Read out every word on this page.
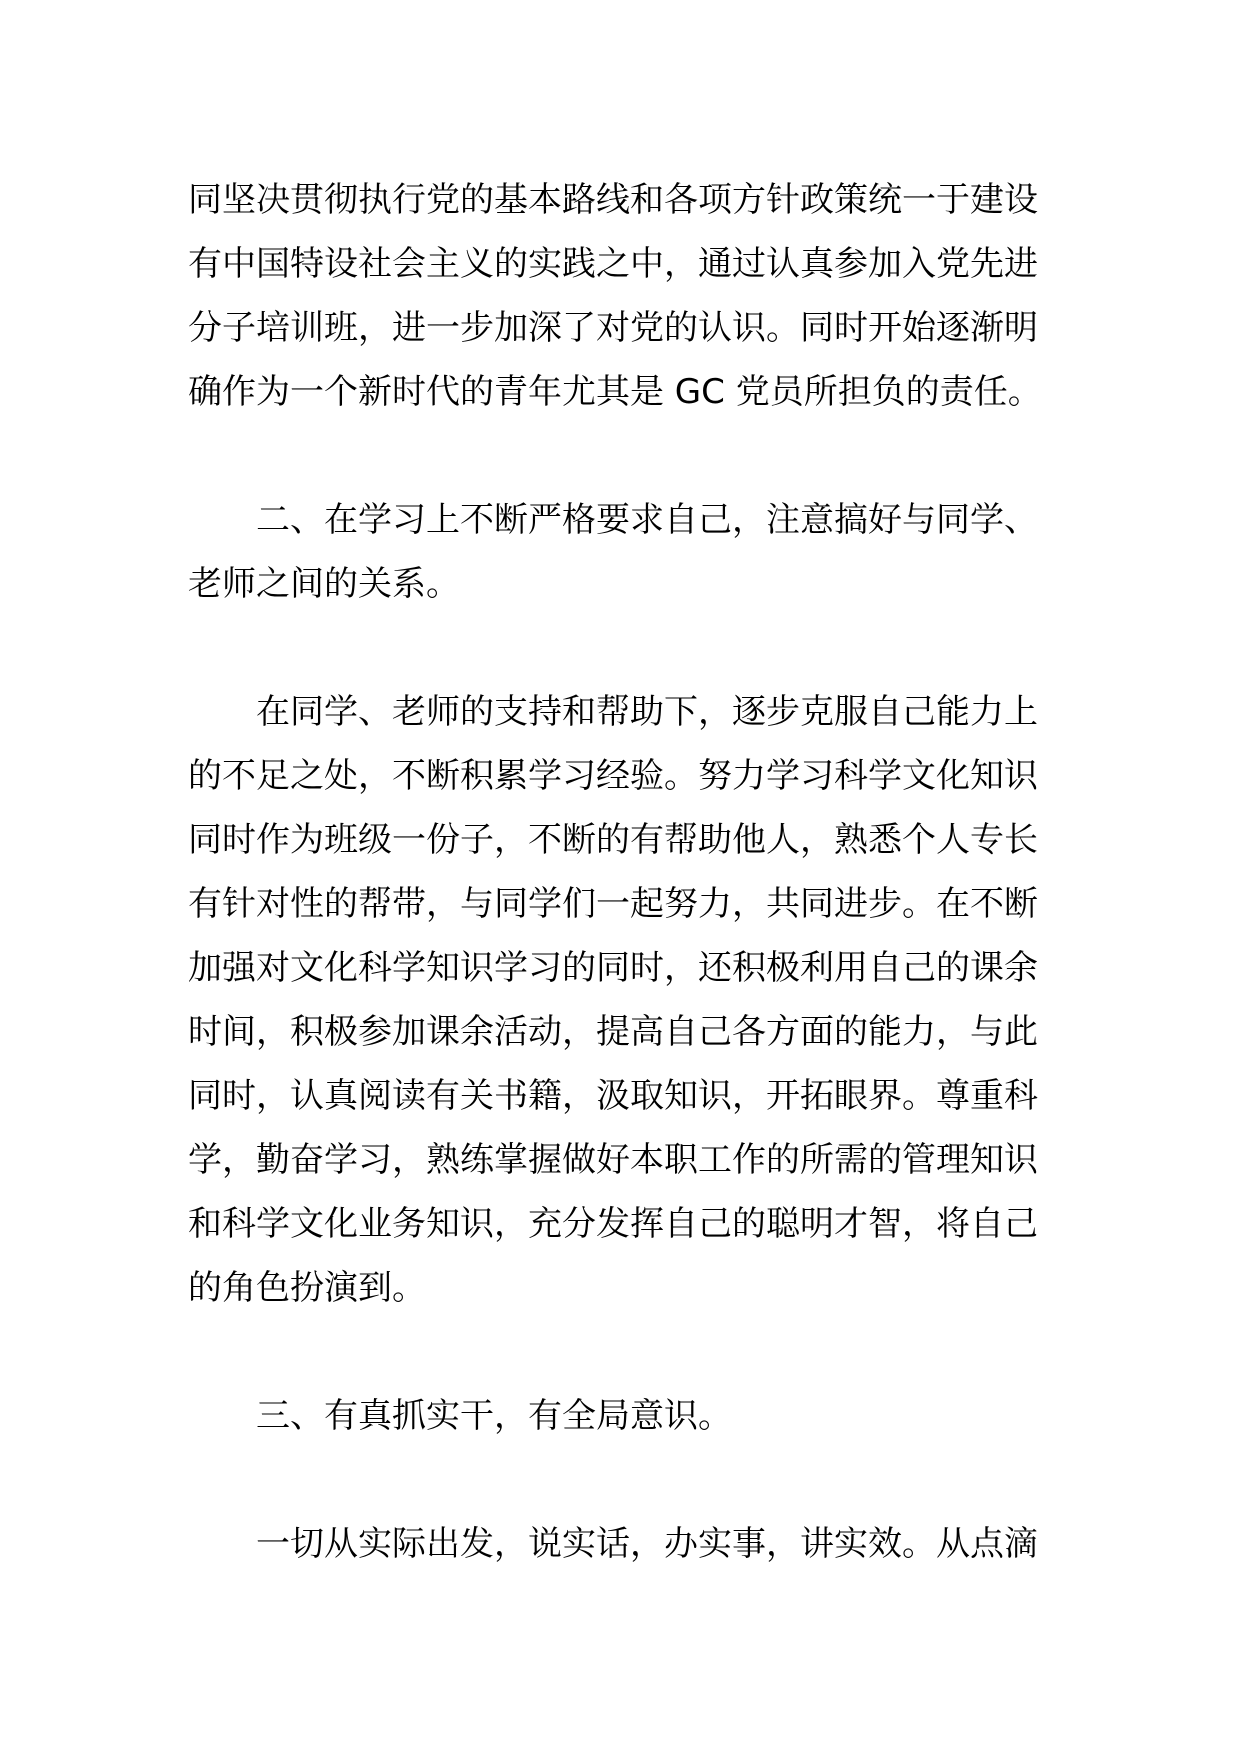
同坚决贯彻执行党的基本路线和各项方针政策统一于建设
有中国特设社会主义的实践之中，通过认真参加入党先进
分子培训班，进一步加深了对党的认识。同时开始逐渐明
确作为一个新时代的青年尤其是 GC 党员所担负的责任。
二、在学习上不断严格要求自己，注意搞好与同学、
老师之间的关系。
在同学、老师的支持和帮助下，逐步克服自己能力上
的不足之处，不断积累学习经验。努力学习科学文化知识
同时作为班级一份子，不断的有帮助他人，熟悉个人专长
有针对性的帮带，与同学们一起努力，共同进步。在不断
加强对文化科学知识学习的同时，还积极利用自己的课余
时间，积极参加课余活动，提高自己各方面的能力，与此
同时，认真阅读有关书籍，汲取知识，开拓眼界。尊重科
学，勤奋学习，熟练掌握做好本职工作的所需的管理知识
和科学文化业务知识，充分发挥自己的聪明才智，将自己
的角色扮演到。
三、有真抓实干，有全局意识。
一切从实际出发，说实话，办实事，讲实效。从点滴
